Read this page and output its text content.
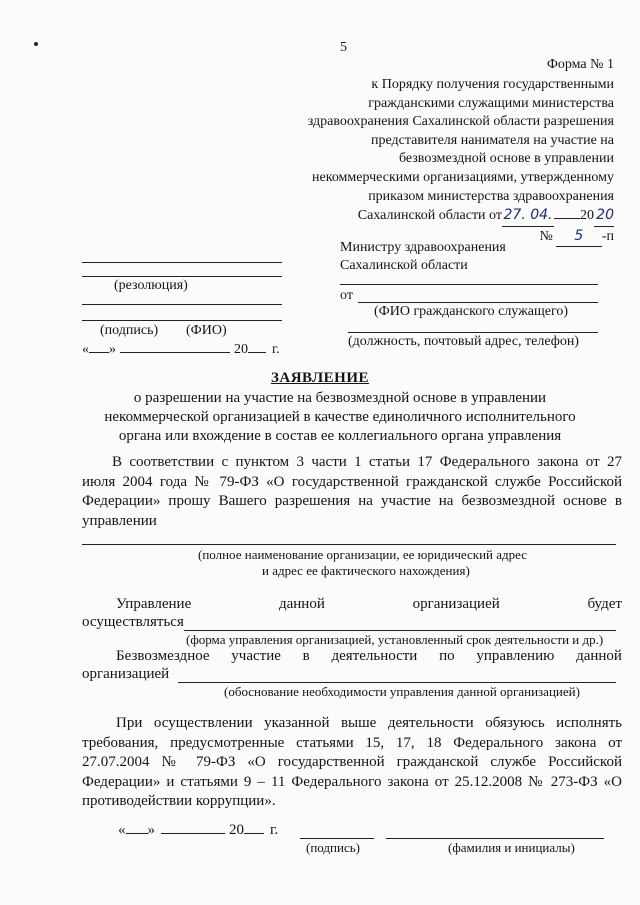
5
Форма № 1
к Порядку получения государственными
гражданскими служащими министерства
здравоохранения Сахалинской области разрешения
представителя нанимателя на участие на
безвозмездной основе в управлении
некоммерческими организациями, утвержденному
приказом министерства здравоохранения
Сахалинской области от 27. 04. 20 20
№ 5 -п
(резолюция)
(подпись) (ФИО)
« »	20 г.
Министру здравоохранения
Сахалинской области
от
(ФИО гражданского служащего)
(должность, почтовый адрес, телефон)
ЗАЯВЛЕНИЕ
о разрешении на участие на безвозмездной основе в управлении
некоммерческой организацией в качестве единоличного исполнительного
органа или вхождение в состав ее коллегиального органа управления
В соответствии с пунктом 3 части 1 статьи 17 Федерального закона от 27
июля 2004 года № 79-ФЗ «О государственной гражданской службе Российской
Федерации» прошу Вашего разрешения на участие на безвозмездной основе в
управлении
(полное наименование организации, ее юридический адрес
и адрес ее фактического нахождения)
Управление	данной	организацией	будет
осуществляться
(форма управления организацией, установленный срок деятельности и др.)
Безвозмездное участие в деятельности по управлению данной
организацией
(обоснование необходимости управления данной организацией)
При осуществлении указанной выше деятельности обязуюсь исполнять
требования, предусмотренные статьями 15, 17, 18 Федерального закона от
27.07.2004 № 79-ФЗ «О государственной гражданской службе Российской
Федерации» и статьями 9 – 11 Федерального закона от 25.12.2008 № 273-ФЗ «О
противодействии коррупции».
« »	20 г.
(подпись)	(фамилия и инициалы)
